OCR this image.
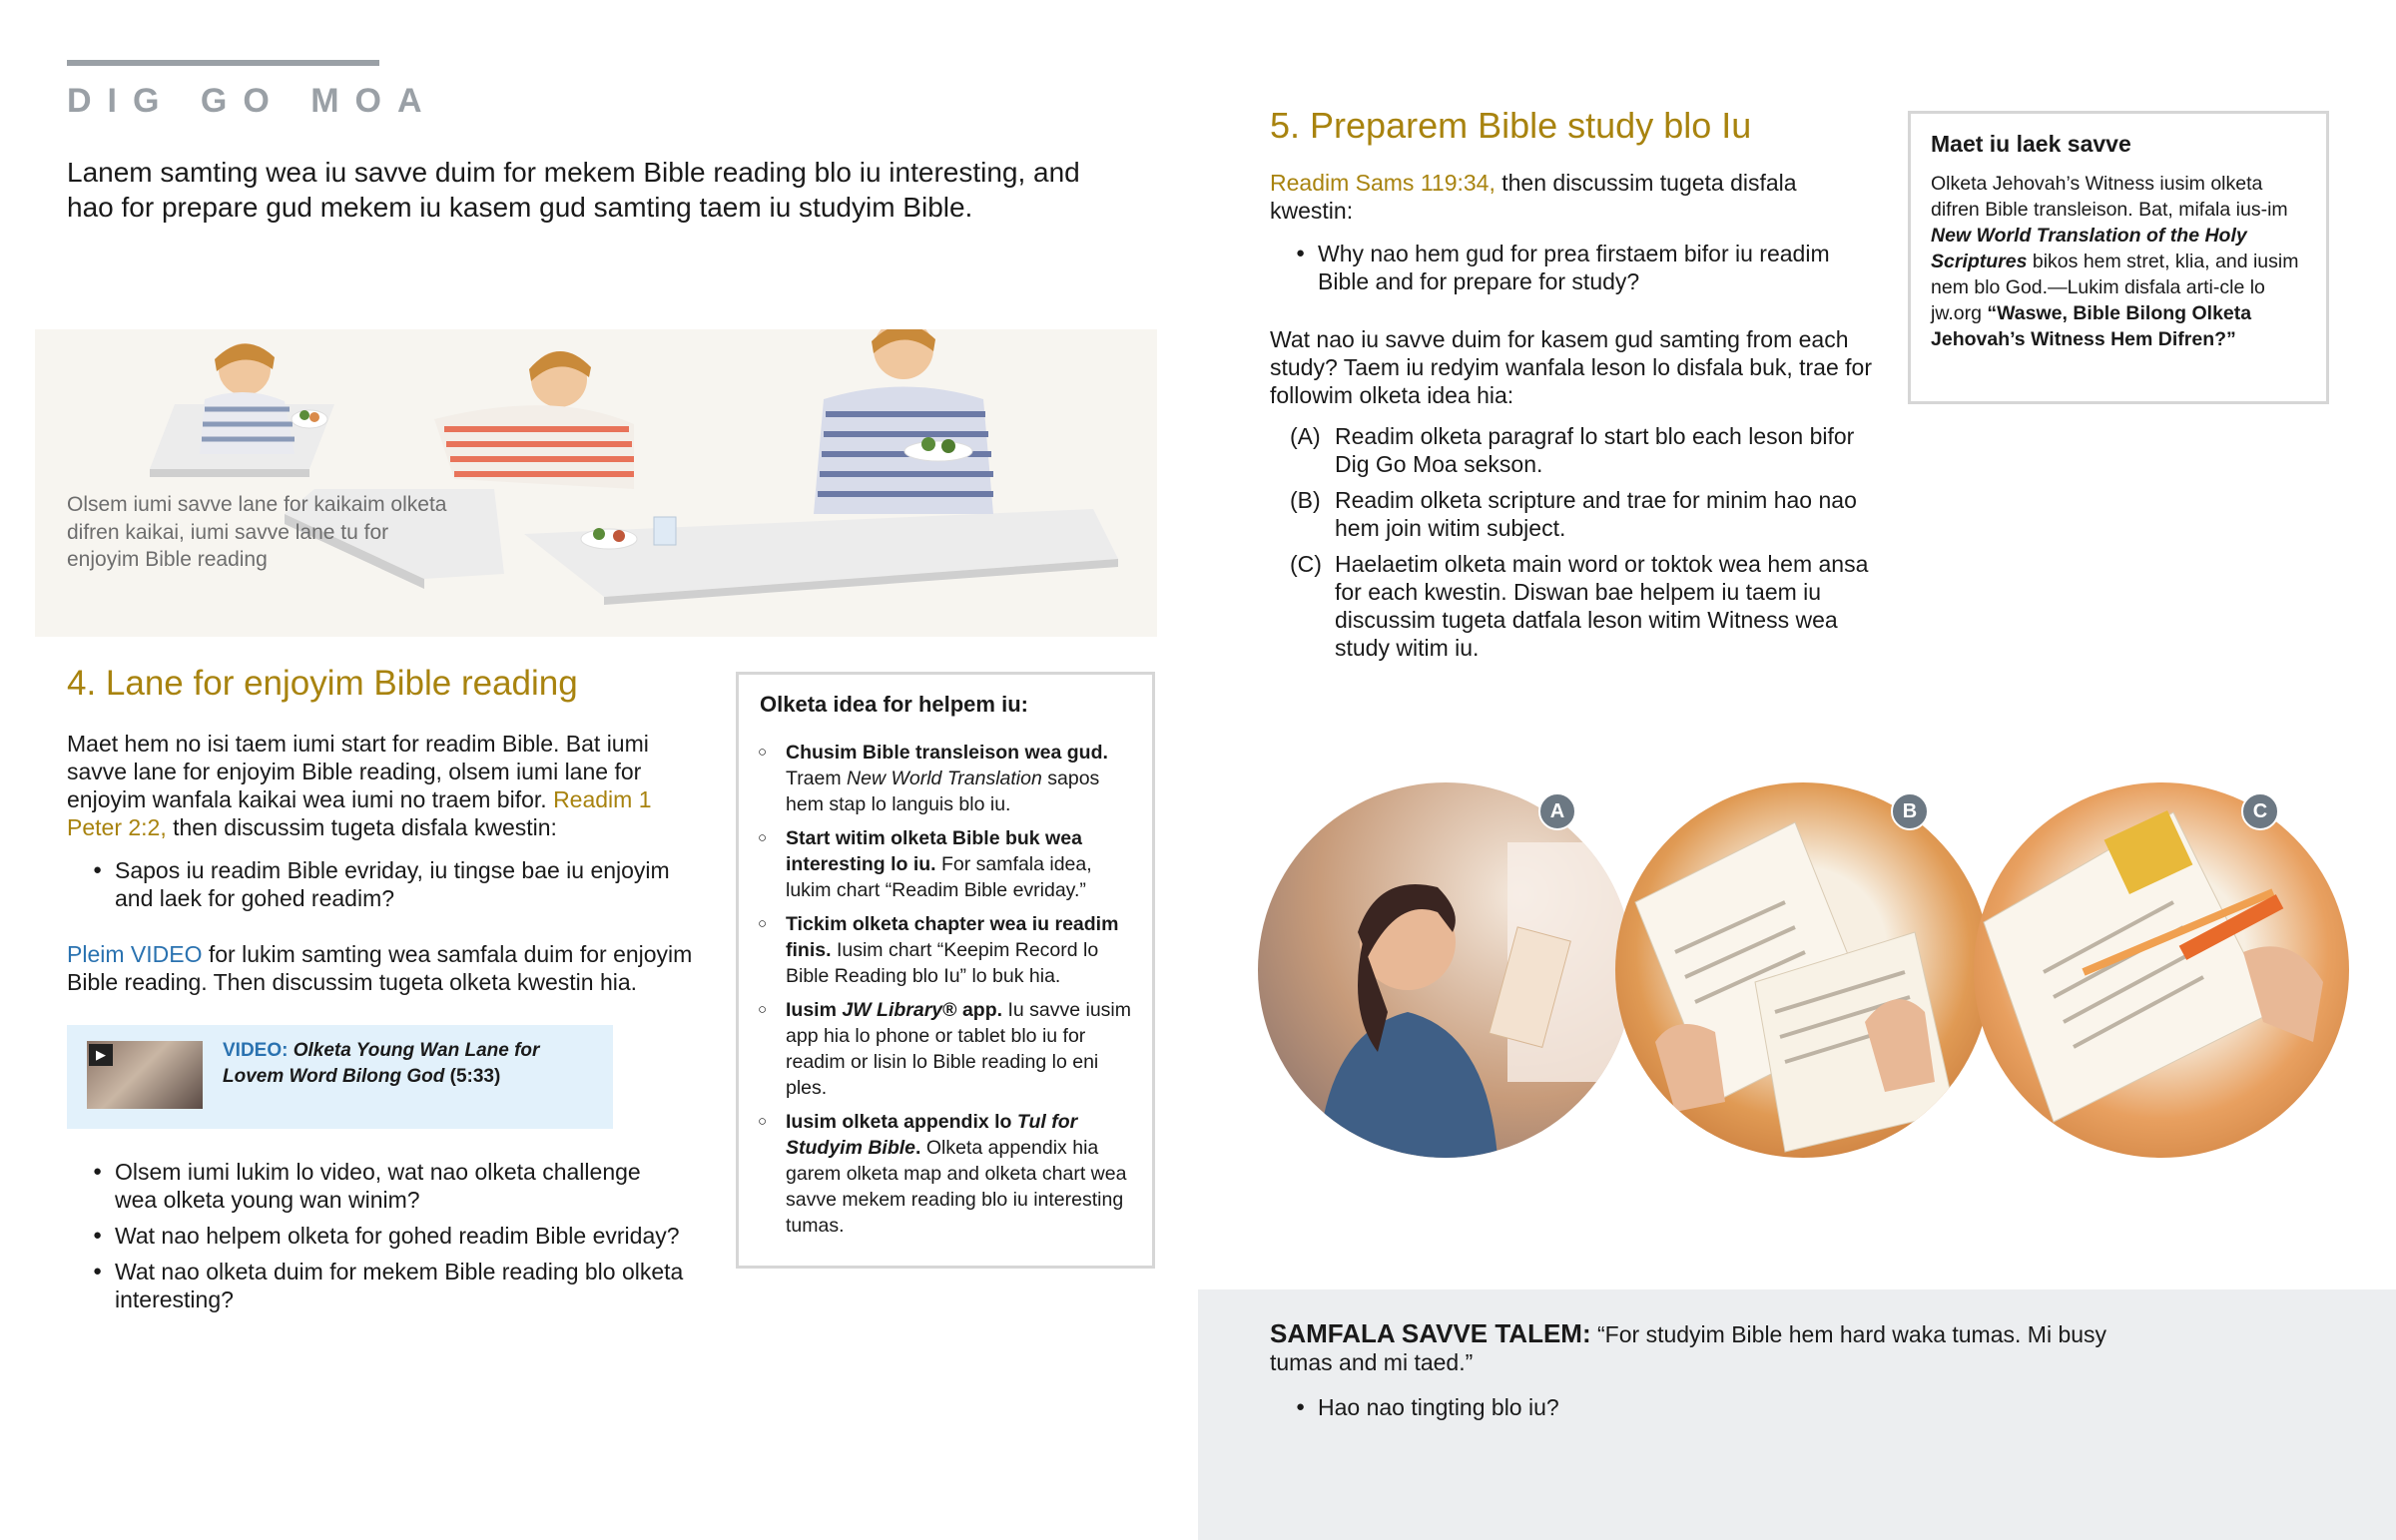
DIG GO MOA
Lanem samting wea iu savve duim for mekem Bible reading blo iu interesting, and hao for prepare gud mekem iu kasem gud samting taem iu studyim Bible.
Olsem iumi savve lane for kaikaim olketa difren kaikai, iumi savve lane tu for enjoyim Bible reading
4. Lane for enjoyim Bible reading
Maet hem no isi taem iumi start for readim Bible. Bat iumi savve lane for enjoyim Bible reading, olsem iumi lane for enjoyim wanfala kaikai wea iumi no traem bifor. Readim 1 Peter 2:2, then discussim tugeta disfala kwestin:
● Sapos iu readim Bible evriday, iu tingse bae iu enjoyim and laek for gohed readim?
Pleim VIDEO for lukim samting wea samfala duim for enjoyim Bible reading. Then discussim tugeta olketa kwestin hia.
▶	VIDEO: Olketa Young Wan Lane for Lovem Word Bilong God (5:33)
● Olsem iumi lukim lo video, wat nao olketa challenge wea olketa young wan winim?
● Wat nao helpem olketa for gohed readim Bible evriday?
● Wat nao olketa duim for mekem Bible reading blo olketa interesting?
Olketa idea for helpem iu:
○ Chusim Bible transleison wea gud. Traem New World Translation sapos hem stap lo languis blo iu.
○ Start witim olketa Bible buk wea interesting lo iu. For samfala idea, lukim chart “Readim Bible evriday.”
○ Tickim olketa chapter wea iu readim finis. Iusim chart “Keepim Record lo Bible Reading blo Iu” lo buk hia.
○ Iusim JW Library® app. Iu savve iusim app hia lo phone or tablet blo iu for readim or lisin lo Bible reading lo eni ples.
○ Iusim olketa appendix lo Tul for Studyim Bible. Olketa appendix hia garem olketa map and olketa chart wea savve mekem reading blo iu interesting tumas.
5. Preparem Bible study blo Iu
Readim Sams 119:34, then discussim tugeta disfala kwestin:
● Why nao hem gud for prea firstaem bifor iu readim Bible and for prepare for study?
Wat nao iu savve duim for kasem gud samting from each study? Taem iu redyim wanfala leson lo disfala buk, trae for followim olketa idea hia:
(A) Readim olketa paragraf lo start blo each leson bifor Dig Go Moa sekson.
(B) Readim olketa scripture and trae for minim hao nao hem join witim subject.
(C) Haelaetim olketa main word or toktok wea hem ansa for each kwestin. Diswan bae helpem iu taem iu discussim tugeta datfala leson witim Witness wea study witim iu.
Maet iu laek savve
Olketa Jehovah’s Witness iusim olketa difren Bible transleison. Bat, mifala ius-im New World Translation of the Holy Scriptures bikos hem stret, klia, and iusim nem blo God.—Lukim disfala arti-cle lo jw.org “Waswe, Bible Bilong Olketa Jehovah’s Witness Hem Difren?”
A	B	C
SAMFALA SAVVE TALEM: “For studyim Bible hem hard waka tumas. Mi busy tumas and mi taed.”
● Hao nao tingting blo iu?
